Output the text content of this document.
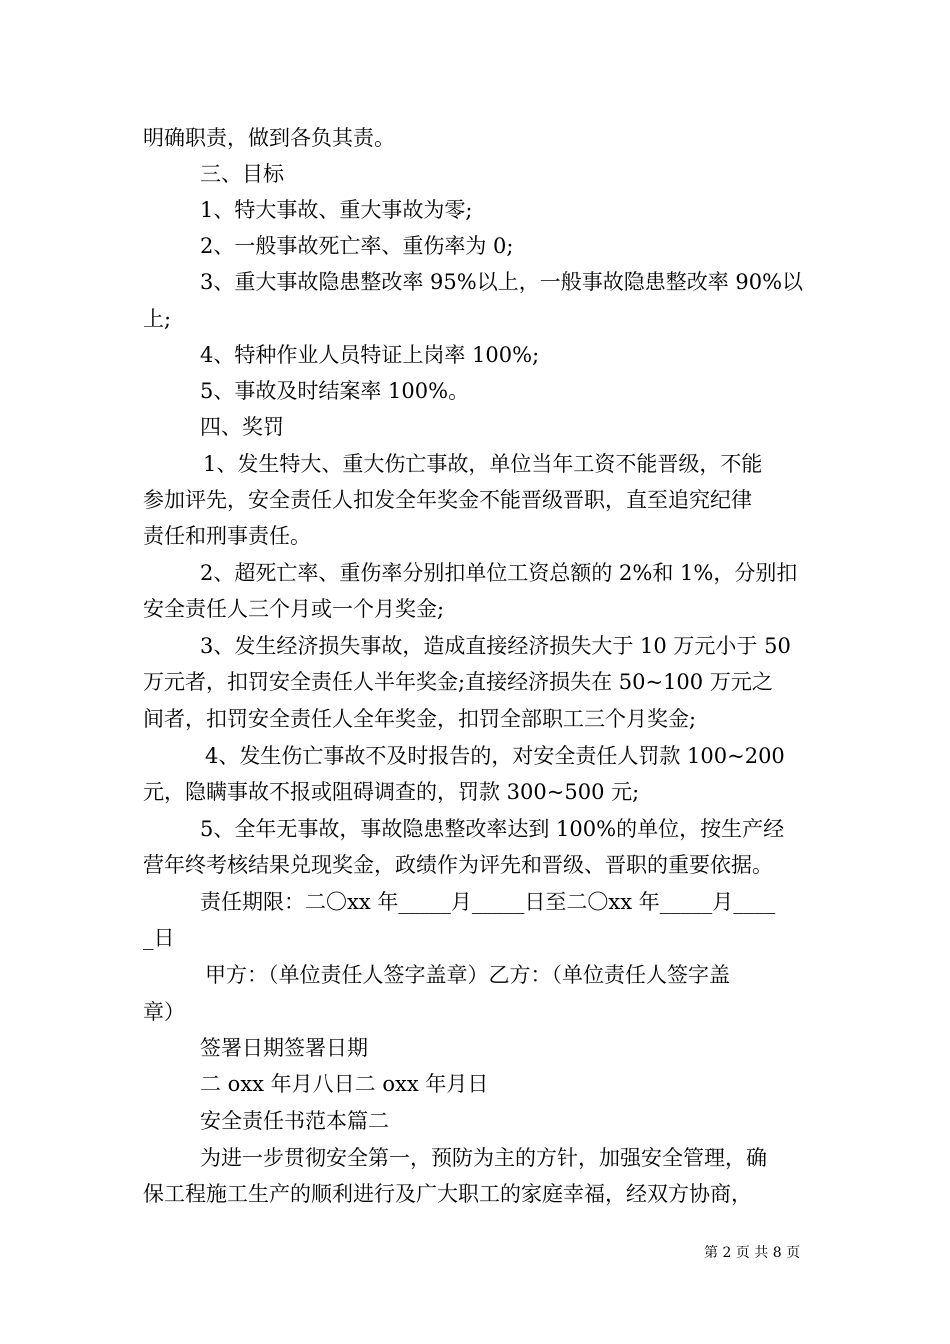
明确职责，做到各负其责。
三、目标
1、特大事故、重大事故为零;
2、一般事故死亡率、重伤率为 0;
3、重大事故隐患整改率 95%以上，一般事故隐患整改率 90%以
上;
4、特种作业人员特证上岗率 100%;
5、事故及时结案率 100%。
四、奖罚
1、发生特大、重大伤亡事故，单位当年工资不能晋级，不能
参加评先，安全责任人扣发全年奖金不能晋级晋职，直至追究纪律
责任和刑事责任。
2、超死亡率、重伤率分别扣单位工资总额的 2%和 1%，分别扣
安全责任人三个月或一个月奖金;
3、发生经济损失事故，造成直接经济损失大于 10 万元小于 50
万元者，扣罚安全责任人半年奖金;直接经济损失在 50~100 万元之
间者，扣罚安全责任人全年奖金，扣罚全部职工三个月奖金;
4、发生伤亡事故不及时报告的，对安全责任人罚款 100~200
元，隐瞒事故不报或阻碍调查的，罚款 300~500 元;
5、全年无事故，事故隐患整改率达到 100%的单位，按生产经
营年终考核结果兑现奖金，政绩作为评先和晋级、晋职的重要依据。
责任期限：二〇xx 年_____月_____日至二〇xx 年_____月____
_日
甲方：（单位责任人签字盖章）乙方：（单位责任人签字盖
章）
签署日期签署日期
二 oxx 年月八日二 oxx 年月日
安全责任书范本篇二
为进一步贯彻安全第一，预防为主的方针，加强安全管理，确
保工程施工生产的顺利进行及广大职工的家庭幸福，经双方协商，
第 2 页 共 8 页
